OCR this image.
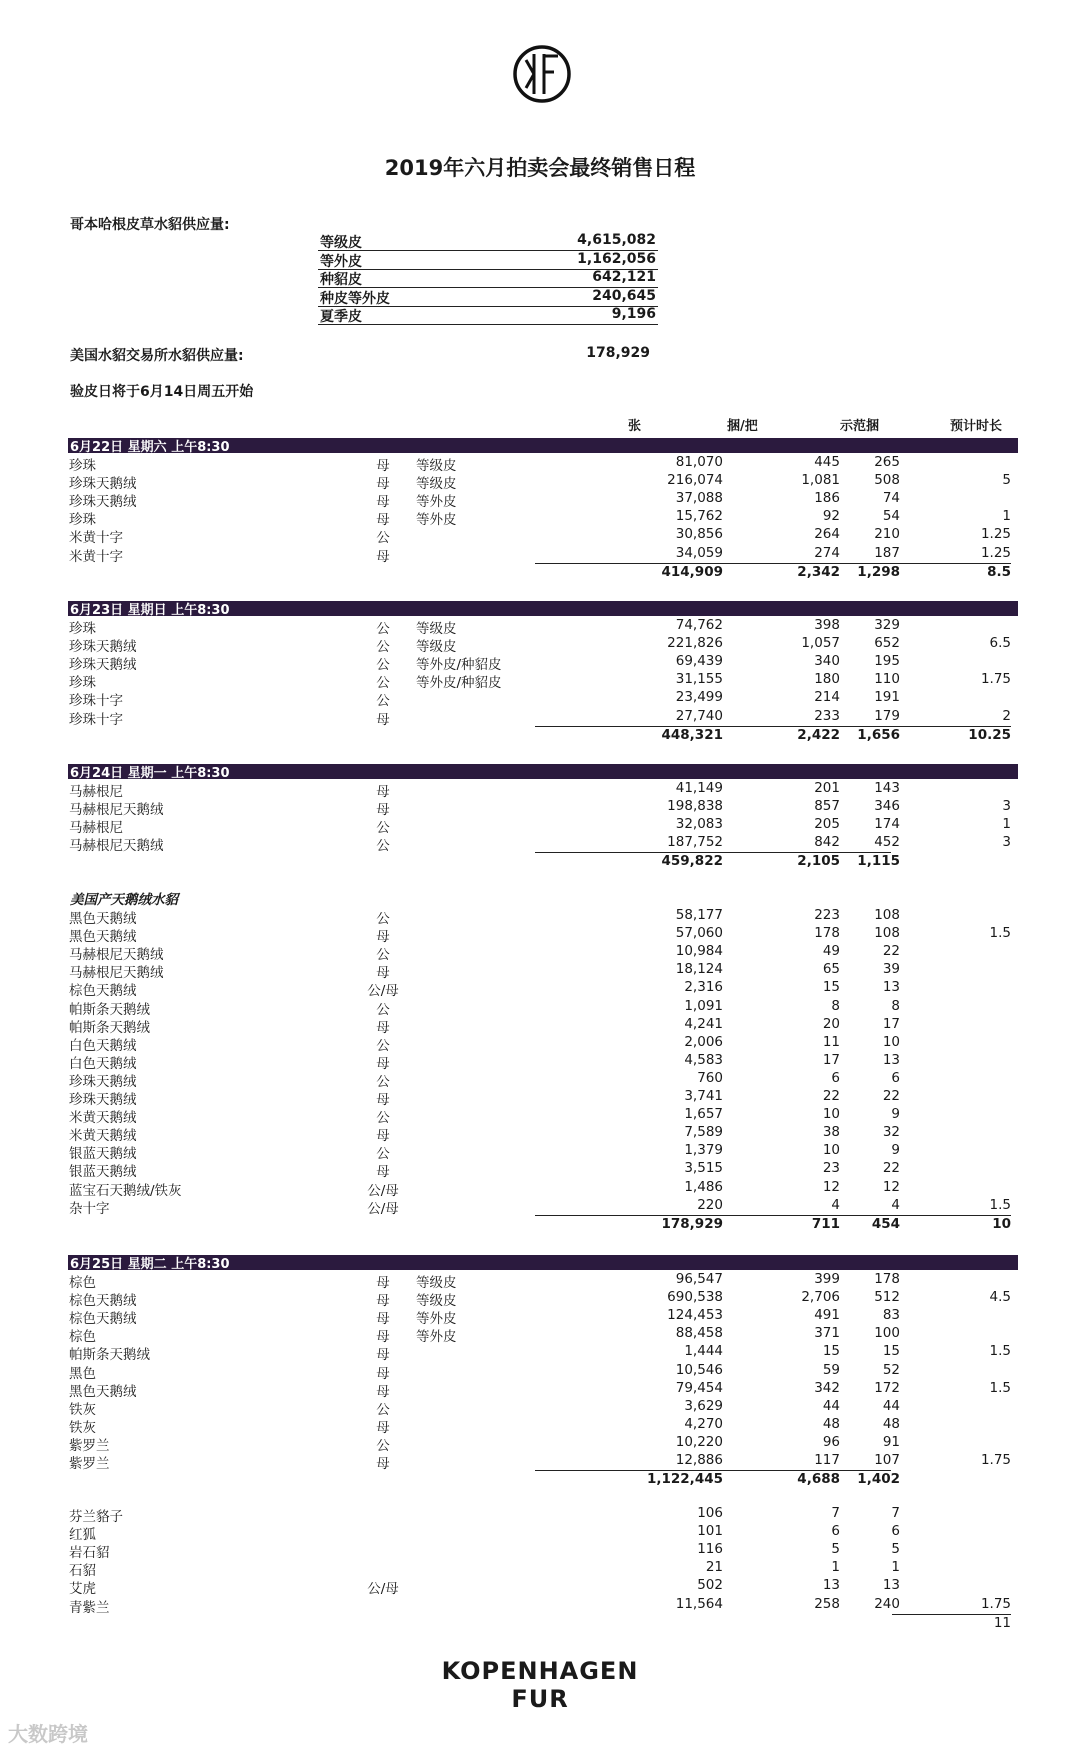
2019年六月拍卖会最终销售日程
哥本哈根皮草水貂供应量:
等级皮	4,615,082
等外皮	1,162,056
种貂皮	642,121
种皮等外皮	240,645
夏季皮	9,196
美国水貂交易所水貂供应量:	178,929
验皮日将于6月14日周五开始
张	捆/把	示范捆	预计时长
6月22日 星期六 上午8:30
珍珠	母	等级皮	81,070	445	265
珍珠天鹅绒	母	等级皮	216,074	1,081	508	5
珍珠天鹅绒	母	等外皮	37,088	186	74
珍珠	母	等外皮	15,762	92	54	1
米黄十字	公	30,856	264	210	1.25
米黄十字	母	34,059	274	187	1.25
414,909	2,342 1,298	8.5
6月23日 星期日 上午8:30
珍珠	公	等级皮	74,762	398	329
珍珠天鹅绒	公	等级皮	221,826	1,057	652	6.5
珍珠天鹅绒	公	等外皮/种貂皮	69,439	340	195
珍珠	公	等外皮/种貂皮	31,155	180	110	1.75
珍珠十字	公	23,499	214	191
珍珠十字	母	27,740	233	179	2
448,321	2,422 1,656	10.25
6月24日 星期一 上午8:30
马赫根尼	母	41,149	201	143
马赫根尼天鹅绒	母	198,838	857	346	3
马赫根尼	公	32,083	205	174	1
马赫根尼天鹅绒	公	187,752	842	452	3
459,822	2,105 1,115
美国产天鹅绒水貂
黑色天鹅绒	公	58,177	223	108
黑色天鹅绒	母	57,060	178	108	1.5
马赫根尼天鹅绒	公	10,984	49	22
马赫根尼天鹅绒	母	18,124	65	39
棕色天鹅绒	公/母	2,316	15	13
帕斯条天鹅绒	公	1,091	8	8
帕斯条天鹅绒	母	4,241	20	17
白色天鹅绒	公	2,006	11	10
白色天鹅绒	母	4,583	17	13
珍珠天鹅绒	公	760	6	6
珍珠天鹅绒	母	3,741	22	22
米黄天鹅绒	公	1,657	10	9
米黄天鹅绒	母	7,589	38	32
银蓝天鹅绒	公	1,379	10	9
银蓝天鹅绒	母	3,515	23	22
蓝宝石天鹅绒/铁灰	公/母	1,486	12	12
杂十字	公/母	220	4	4	1.5
178,929	711 454	10
6月25日 星期二 上午8:30
棕色	母	等级皮	96,547	399	178
棕色天鹅绒	母	等级皮	690,538	2,706	512	4.5
棕色天鹅绒	母	等外皮	124,453	491	83
棕色	母	等外皮	88,458	371	100
帕斯条天鹅绒	母	1,444	15	15	1.5
黑色	母	10,546	59	52
黑色天鹅绒	母	79,454	342	172	1.5
铁灰	公	3,629	44	44
铁灰	母	4,270	48	48
紫罗兰	公	10,220	96	91
紫罗兰	母	12,886	117	107	1.75
1,122,445	4,688 1,402
芬兰貉子	106	7	7
红狐	101	6	6
岩石貂	116	5	5
石貂	21	1	1
艾虎	公/母	502	13	13
青紫兰	11,564	258	240	1.75
11
KOPENHAGEN
FUR
大数跨境
